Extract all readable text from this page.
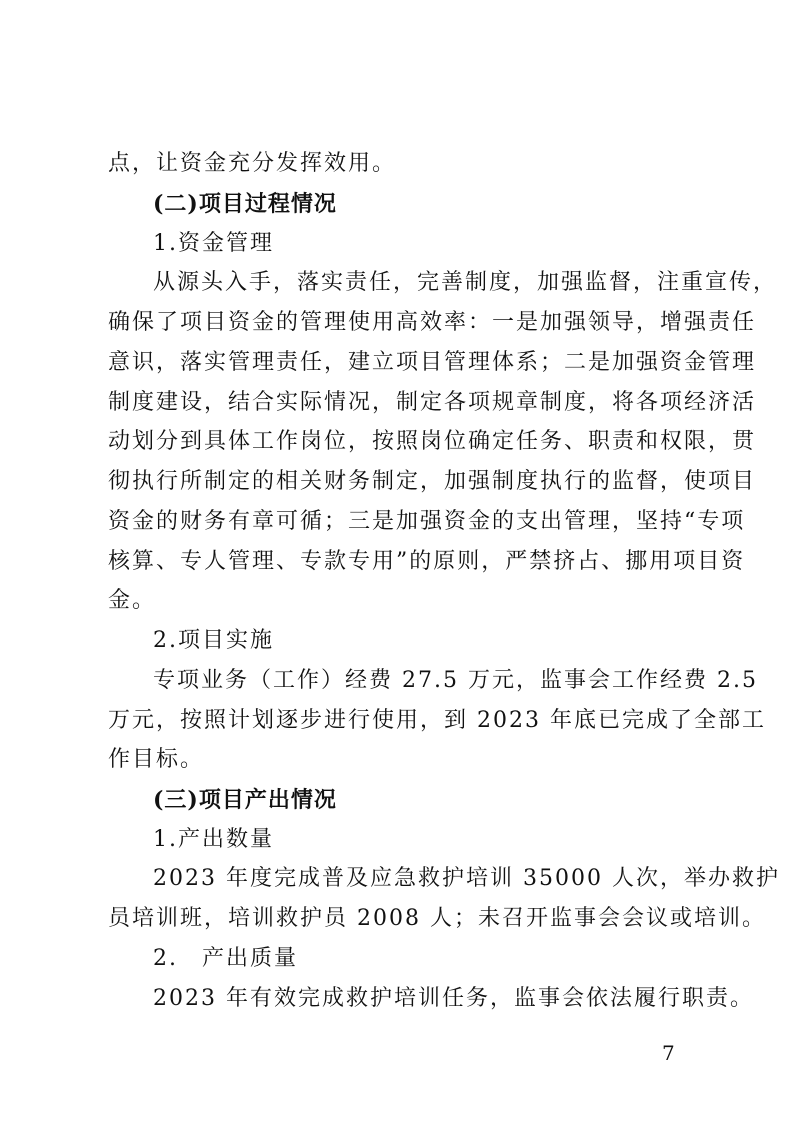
点，让资金充分发挥效用。
(二)项目过程情况
1.资金管理
从源头入手，落实责任，完善制度，加强监督，注重宣传，
确保了项目资金的管理使用高效率：一是加强领导，增强责任
意识，落实管理责任，建立项目管理体系；二是加强资金管理
制度建设，结合实际情况，制定各项规章制度，将各项经济活
动划分到具体工作岗位，按照岗位确定任务、职责和权限，贯
彻执行所制定的相关财务制定，加强制度执行的监督，使项目
资金的财务有章可循；三是加强资金的支出管理，坚持“专项
核算、专人管理、专款专用”的原则，严禁挤占、挪用项目资
金。
2.项目实施
专项业务（工作）经费 27.5 万元，监事会工作经费 2.5
万元，按照计划逐步进行使用，到 2023 年底已完成了全部工
作目标。
(三)项目产出情况
1.产出数量
2023 年度完成普及应急救护培训 35000 人次，举办救护
员培训班，培训救护员 2008 人；未召开监事会会议或培训。
2.　产出质量
2023 年有效完成救护培训任务，监事会依法履行职责。
7
